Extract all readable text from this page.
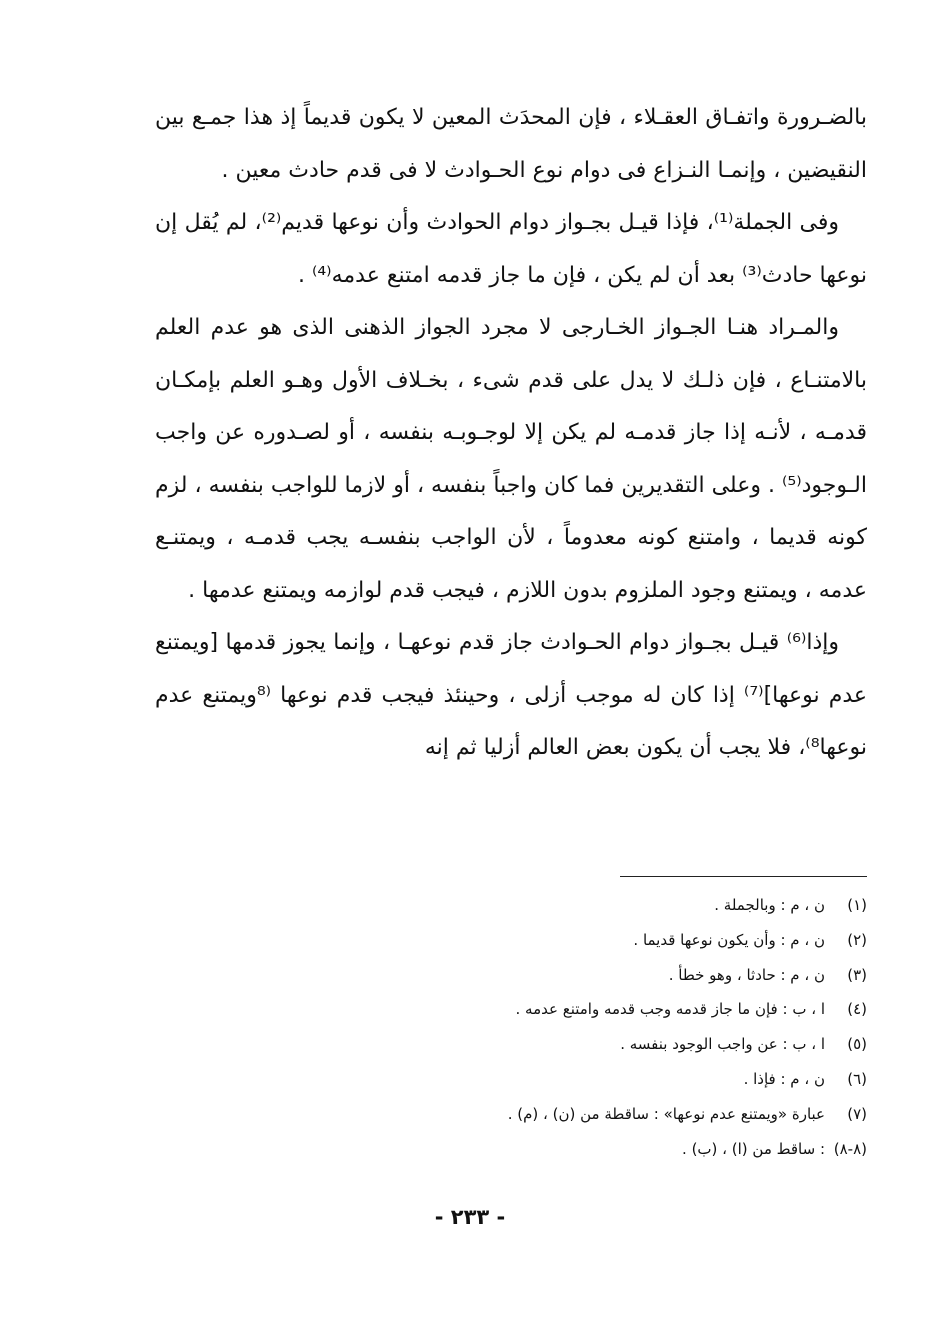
بالضـرورة واتفـاق العقـلاء ، فإن المحدَث المعين لا يكون قديماً إذ هذا جمـع بين النقيضين ، وإنمـا النـزاع فى دوام نوع الحـوادث لا فى قدم حادث معين .

وفى الجملة⁽¹⁾، فإذا قيـل بجـواز دوام الحوادث وأن نوعها قديم⁽²⁾، لم يُقل إن نوعها حادث⁽³⁾ بعد أن لم يكن ، فإن ما جاز قدمه امتنع عدمه⁽⁴⁾ .

والمـراد هنـا الجـواز الخـارجى لا مجرد الجواز الذهنى الذى هو عدم العلم بالامتنـاع ، فإن ذلـك لا يدل على قدم شىء ، بخـلاف الأول وهـو العلم بإمكـان قدمـه ، لأنـه إذا جاز قدمـه لم يكن إلا لوجـوبـه بنفسه ، أو لصـدوره عن واجب الـوجود⁽⁵⁾ . وعلى التقديرين فما كان واجباً بنفسه ، أو لازما للواجب بنفسه ، لزم كونه قديما ، وامتنع كونه معدوماً ، لأن الواجب بنفسـه يجب قدمـه ، ويمتنـع عدمه ، ويمتنع وجود الملزوم بدون اللازم ، فيجب قدم لوازمه ويمتنع عدمها .

وإذا⁽⁶⁾ قيـل بجـواز دوام الحـوادث جاز قدم نوعهـا ، وإنما يجوز قدمها [ويمتنع عدم نوعها]⁽⁷⁾ إذا كان له موجب أزلى ، وحينئذ فيجب قدم نوعها ⁽⁸ويمتنع عدم نوعها⁸⁾، فلا يجب أن يكون بعض العالم أزليا ثم إنه

(١)ن ، م : وبالجملة .
(٢)ن ، م : وأن يكون نوعها قديما .
(٣)ن ، م : حادثا ، وهو خطأ .
(٤)ا ، ب : فإن ما جاز قدمه وجب قدمه وامتنع عدمه .
(٥)ا ، ب : عن واجب الوجود بنفسه .
(٦)ن ، م : فإذا .
(٧)عبارة «ويمتنع عدم نوعها» : ساقطة من (ن) ، (م) .
(٨-٨): ساقط من (ا) ، (ب) .
- ٢٣٣ -
